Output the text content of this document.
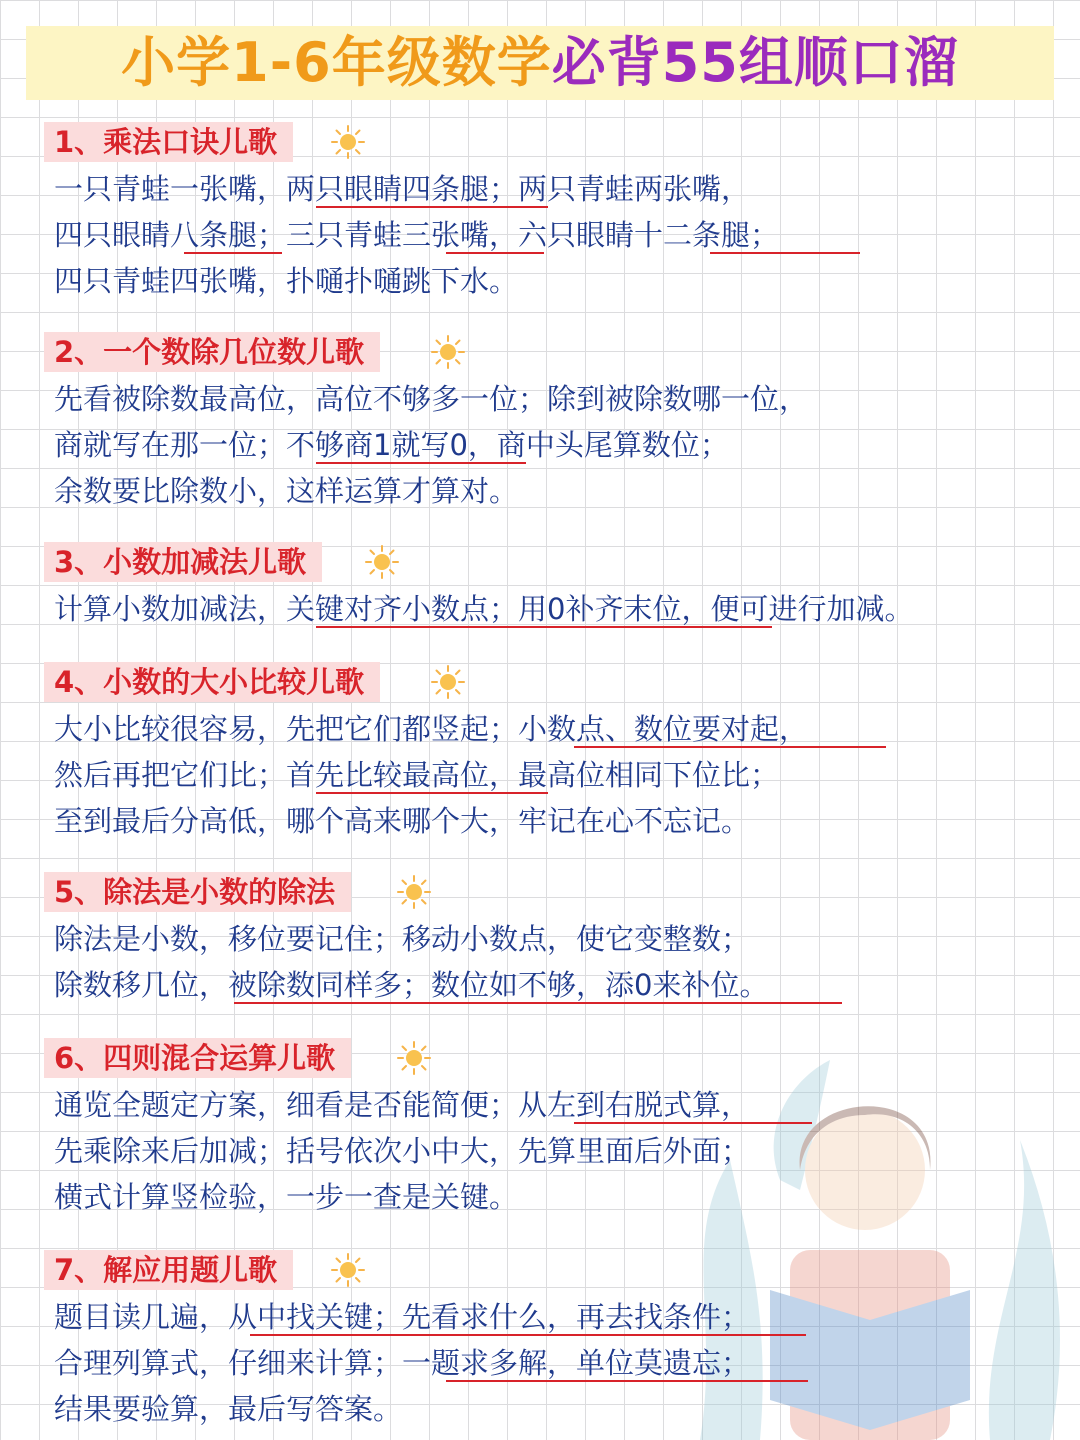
小学1-6年级数学必背55组顺口溜
1、乘法口诀儿歌
一只青蛙一张嘴，两只眼睛四条腿；两只青蛙两张嘴，
四只眼睛八条腿；三只青蛙三张嘴，六只眼睛十二条腿；
四只青蛙四张嘴，扑嗵扑嗵跳下水。
2、一个数除几位数儿歌
先看被除数最高位，高位不够多一位；除到被除数哪一位，
商就写在那一位；不够商1就写0，商中头尾算数位；
余数要比除数小，这样运算才算对。
3、小数加减法儿歌
计算小数加减法，关键对齐小数点；用0补齐末位，便可进行加减。
4、小数的大小比较儿歌
大小比较很容易，先把它们都竖起；小数点、数位要对起，
然后再把它们比；首先比较最高位，最高位相同下位比；
至到最后分高低，哪个高来哪个大，牢记在心不忘记。
5、除法是小数的除法
除法是小数，移位要记住；移动小数点，使它变整数；
除数移几位，被除数同样多；数位如不够，添0来补位。
6、四则混合运算儿歌
通览全题定方案，细看是否能简便；从左到右脱式算，
先乘除来后加减；括号依次小中大，先算里面后外面；
横式计算竖检验，一步一查是关键。
7、解应用题儿歌
题目读几遍，从中找关键；先看求什么，再去找条件；
合理列算式，仔细来计算；一题求多解，单位莫遗忘；
结果要验算，最后写答案。
